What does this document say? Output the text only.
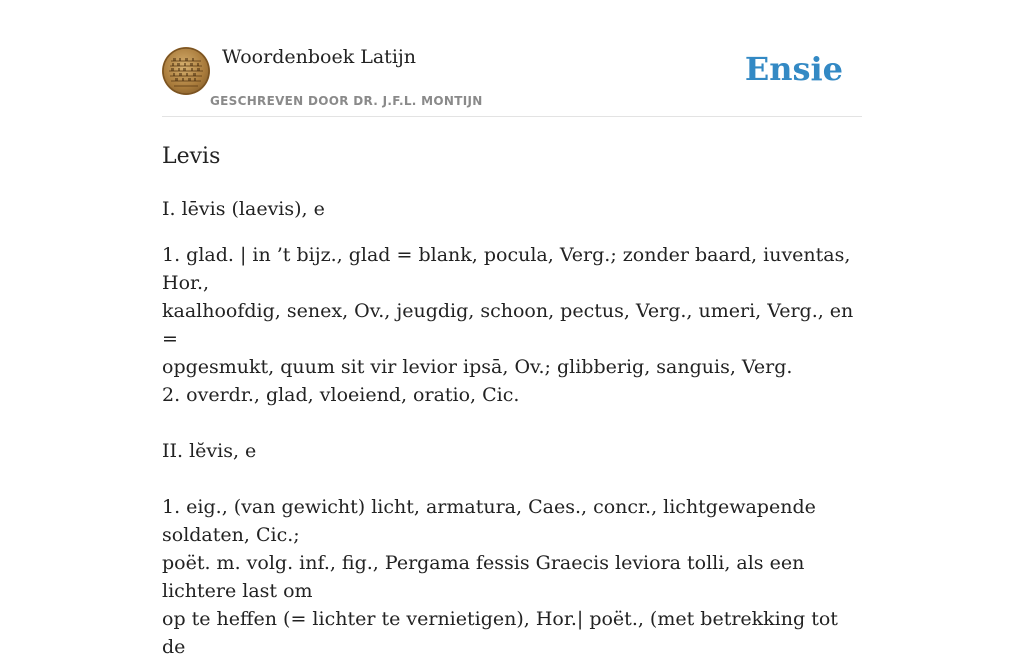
Woordenboek Latijn
GESCHREVEN DOOR DR. J.F.L. MONTIJN
Ensie
Levis

I. lēvis (laevis), e

1. glad. | in ’t bijz., glad = blank, pocula, Verg.; zonder baard, iuventas, Hor.,

kaalhoofdig, senex, Ov., jeugdig, schoon, pectus, Verg., umeri, Verg., en =

opgesmukt, quum sit vir levior ipsā, Ov.; glibberig, sanguis, Verg.

2. overdr., glad, vloeiend, oratio, Cic.

II. lĕvis, e

1. eig., (van gewicht) licht, armatura, Caes., concr., lichtgewapende soldaten, Cic.;

poët. m. volg. inf., fig., Pergama fessis Graecis leviora tolli, als een lichtere last om

op te heffen (= lichter te vernietigen), Hor.| poët., (met betrekking tot de
